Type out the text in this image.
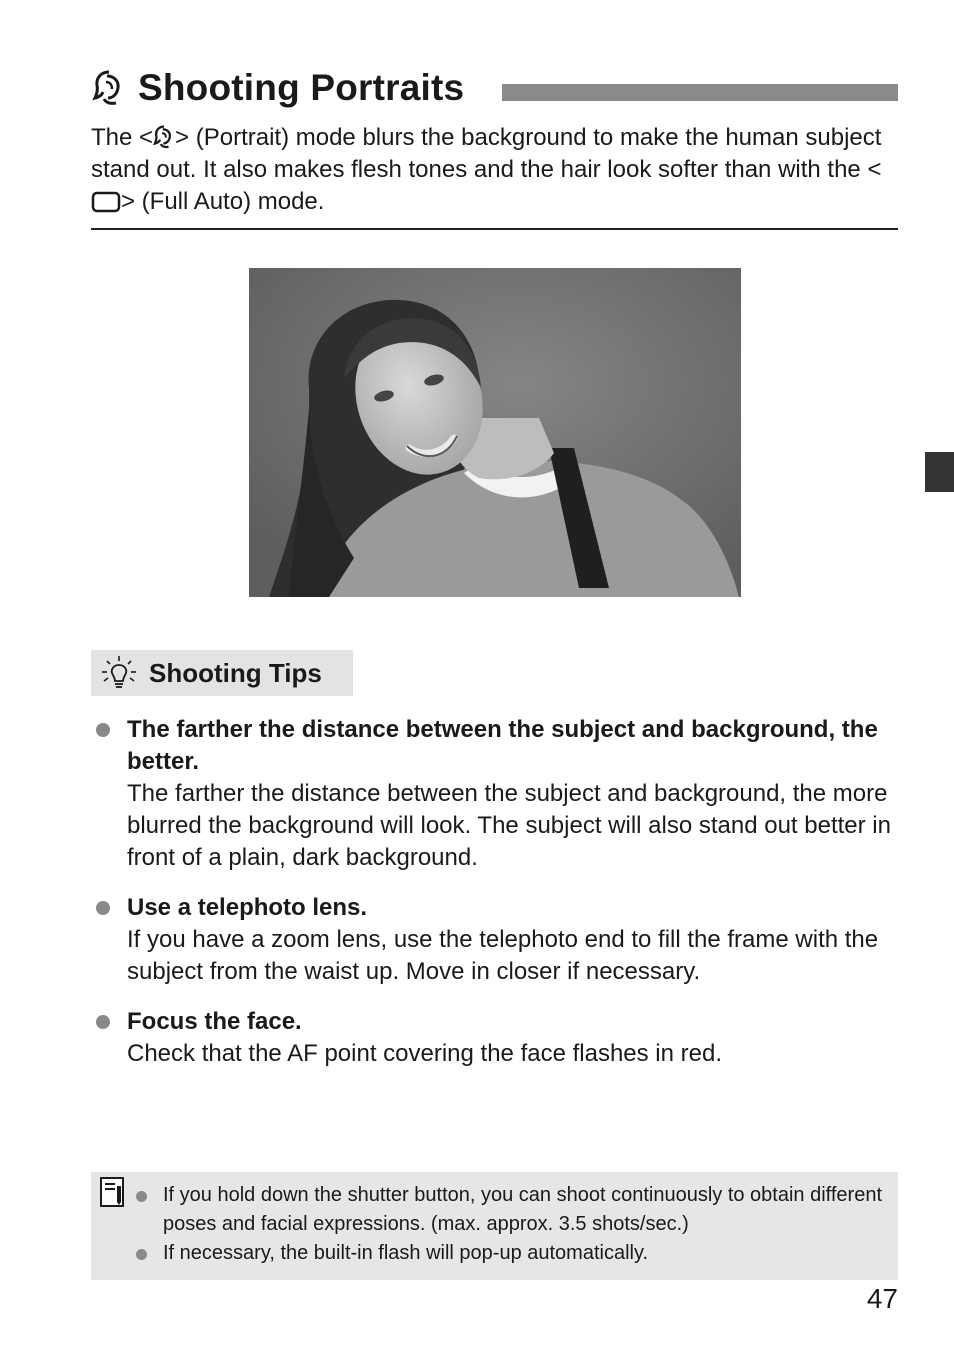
Shooting Portraits
The < > (Portrait) mode blurs the background to make the human subject stand out. It also makes flesh tones and the hair look softer than with the <> (Full Auto) mode.
Shooting Tips
The farther the distance between the subject and background, the better.
The farther the distance between the subject and background, the more blurred the background will look. The subject will also stand out better in front of a plain, dark background.
Use a telephoto lens.
If you have a zoom lens, use the telephoto end to fill the frame with the subject from the waist up. Move in closer if necessary.
Focus the face.
Check that the AF point covering the face flashes in red.
If you hold down the shutter button, you can shoot continuously to obtain different poses and facial expressions. (max. approx. 3.5 shots/sec.)
If necessary, the built-in flash will pop-up automatically.
47
